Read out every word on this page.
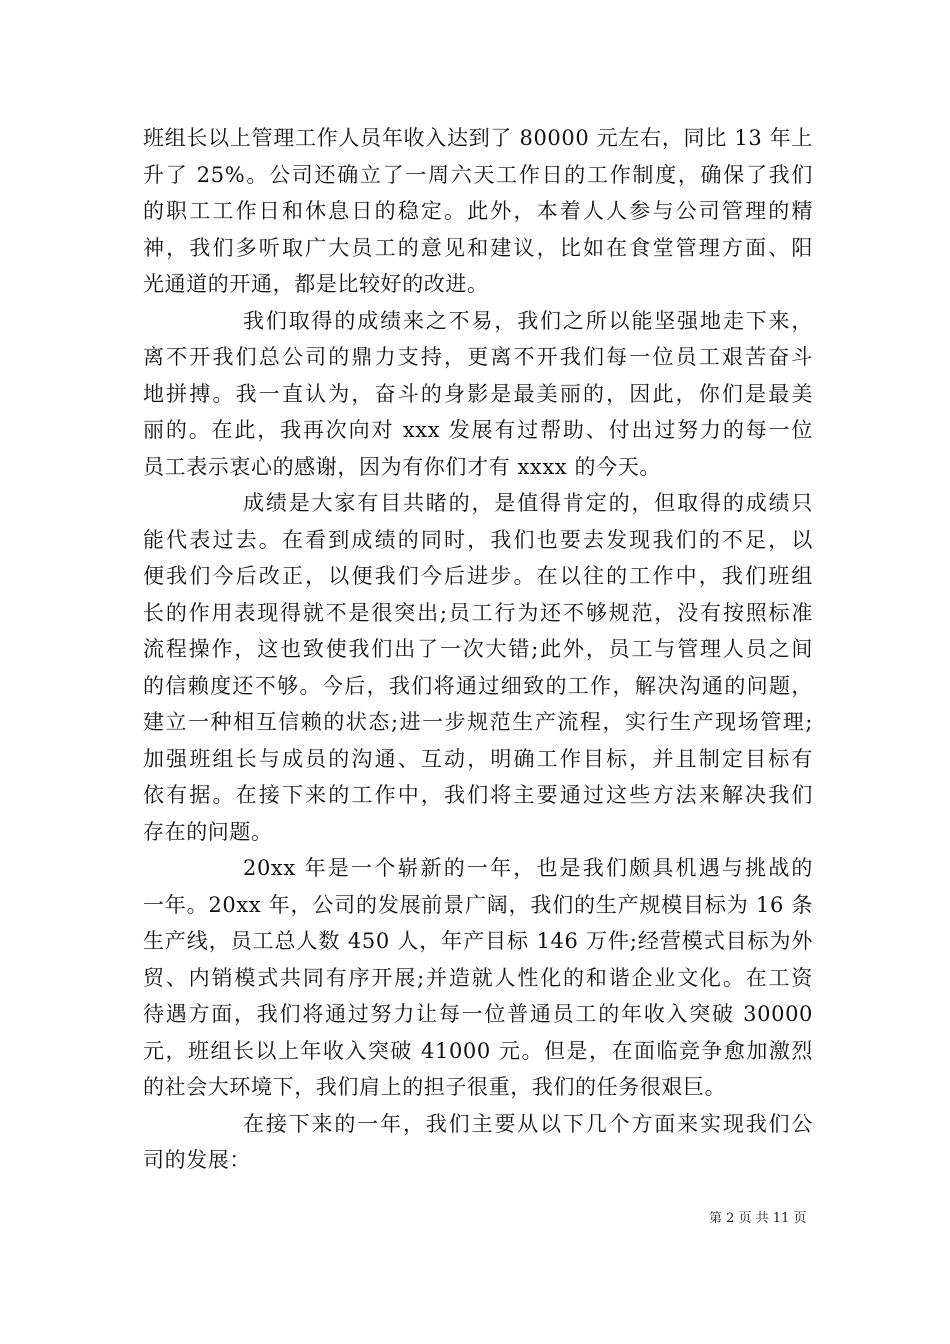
班组长以上管理工作人员年收入达到了 80000 元左右，同比 13 年上
升了 25%。公司还确立了一周六天工作日的工作制度，确保了我们
的职工工作日和休息日的稳定。此外，本着人人参与公司管理的精
神，我们多听取广大员工的意见和建议，比如在食堂管理方面、阳
光通道的开通，都是比较好的改进。
我们取得的成绩来之不易，我们之所以能坚强地走下来，
离不开我们总公司的鼎力支持，更离不开我们每一位员工艰苦奋斗
地拼搏。我一直认为，奋斗的身影是最美丽的，因此，你们是最美
丽的。在此，我再次向对 xxx 发展有过帮助、付出过努力的每一位
员工表示衷心的感谢，因为有你们才有 xxxx 的今天。
成绩是大家有目共睹的，是值得肯定的，但取得的成绩只
能代表过去。在看到成绩的同时，我们也要去发现我们的不足，以
便我们今后改正，以便我们今后进步。在以往的工作中，我们班组
长的作用表现得就不是很突出;员工行为还不够规范，没有按照标准
流程操作，这也致使我们出了一次大错;此外，员工与管理人员之间
的信赖度还不够。今后，我们将通过细致的工作，解决沟通的问题，
建立一种相互信赖的状态;进一步规范生产流程，实行生产现场管理;
加强班组长与成员的沟通、互动，明确工作目标，并且制定目标有
依有据。在接下来的工作中，我们将主要通过这些方法来解决我们
存在的问题。
20xx 年是一个崭新的一年，也是我们颇具机遇与挑战的
一年。20xx 年，公司的发展前景广阔，我们的生产规模目标为 16 条
生产线，员工总人数 450 人，年产目标 146 万件;经营模式目标为外
贸、内销模式共同有序开展;并造就人性化的和谐企业文化。在工资
待遇方面，我们将通过努力让每一位普通员工的年收入突破 30000
元，班组长以上年收入突破 41000 元。但是，在面临竞争愈加激烈
的社会大环境下，我们肩上的担子很重，我们的任务很艰巨。
在接下来的一年，我们主要从以下几个方面来实现我们公
司的发展：
第 2 页 共 11 页
